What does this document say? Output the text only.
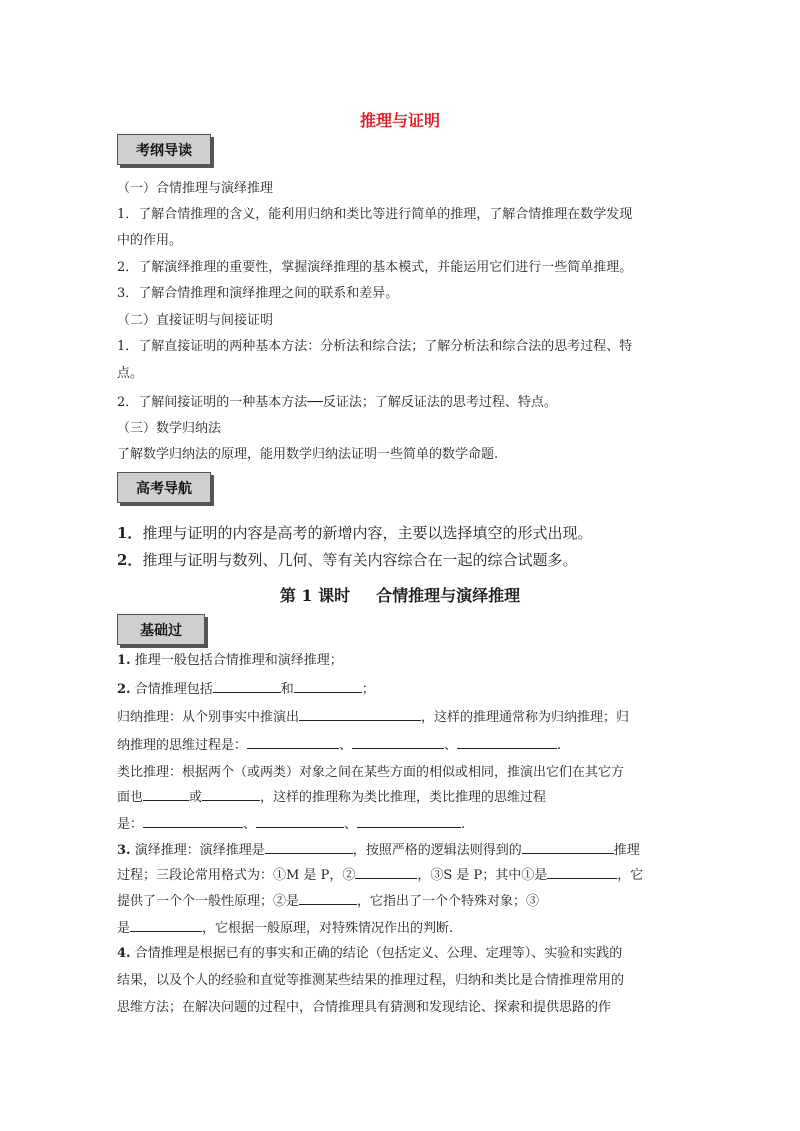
推理与证明
考纲导读
（一）合情推理与演绎推理
1．了解合情推理的含义，能利用归纳和类比等进行简单的推理，了解合情推理在数学发现
中的作用。
2．了解演绎推理的重要性，掌握演绎推理的基本模式，并能运用它们进行一些简单推理。
3．了解合情推理和演绎推理之间的联系和差异。
（二）直接证明与间接证明
1．了解直接证明的两种基本方法：分析法和综合法；了解分析法和综合法的思考过程、特
点。
2．了解间接证明的一种基本方法──反证法；了解反证法的思考过程、特点。
（三）数学归纳法
了解数学归纳法的原理，能用数学归纳法证明一些简单的数学命题.
高考导航
1．推理与证明的内容是高考的新增内容，主要以选择填空的形式出现。
2．推理与证明与数列、几何、等有关内容综合在一起的综合试题多。
第 1 课时 合情推理与演绎推理
基础过
1. 推理一般包括合情推理和演绎推理；
2. 合情推理包括	和	；
归纳推理：从个别事实中推演出	，这样的推理通常称为归纳推理；归
纳推理的思维过程是：	、	、	.
类比推理：根据两个（或两类）对象之间在某些方面的相似或相同，推演出它们在其它方
面也	或	，这样的推理称为类比推理，类比推理的思维过程
是：	、	、	.
3. 演绎推理：演绎推理是	，按照严格的逻辑法则得到的	推理
过程；三段论常用格式为：①M 是 P，②	，③S 是 P；其中①是	，它
提供了一个个一般性原理；②是	，它指出了一个个特殊对象；③
是	，它根据一般原理，对特殊情况作出的判断.
4. 合情推理是根据已有的事实和正确的结论（包括定义、公理、定理等）、实验和实践的
结果，以及个人的经验和直觉等推测某些结果的推理过程，归纳和类比是合情推理常用的
思维方法；在解决问题的过程中，合情推理具有猜测和发现结论、探索和提供思路的作
